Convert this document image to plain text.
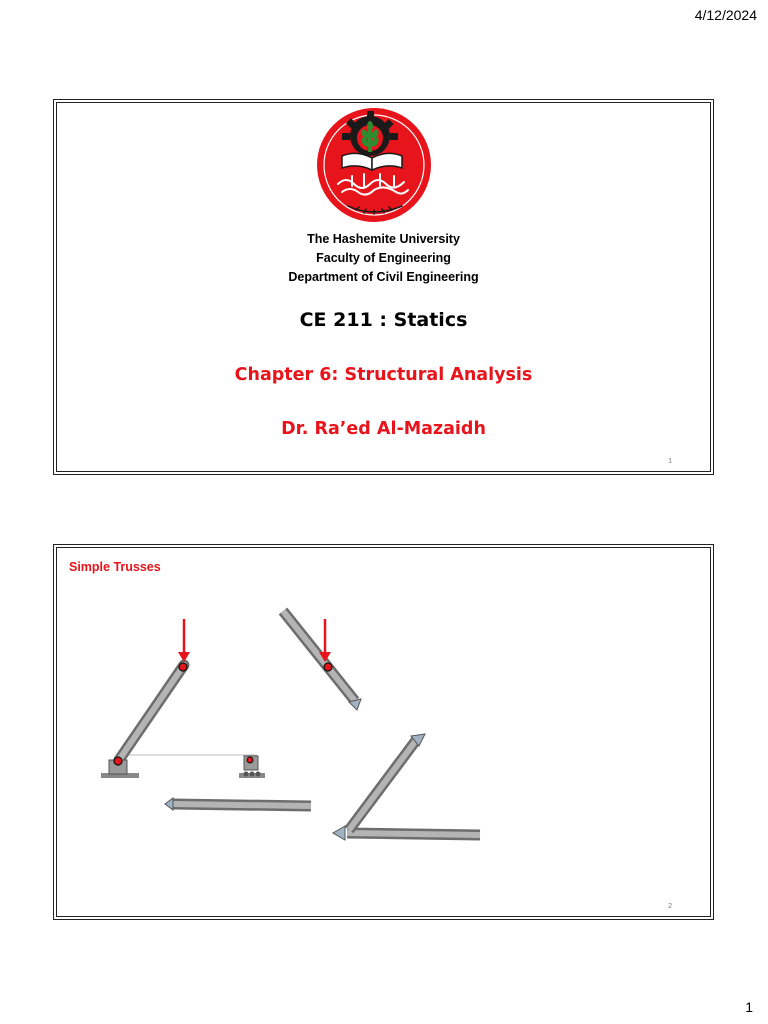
4/12/2024
The Hashemite University
Faculty of Engineering
Department of Civil Engineering
CE 211 : Statics
Chapter 6: Structural Analysis
Dr. Ra’ed Al-Mazaidh
1
Simple Trusses
2
1
